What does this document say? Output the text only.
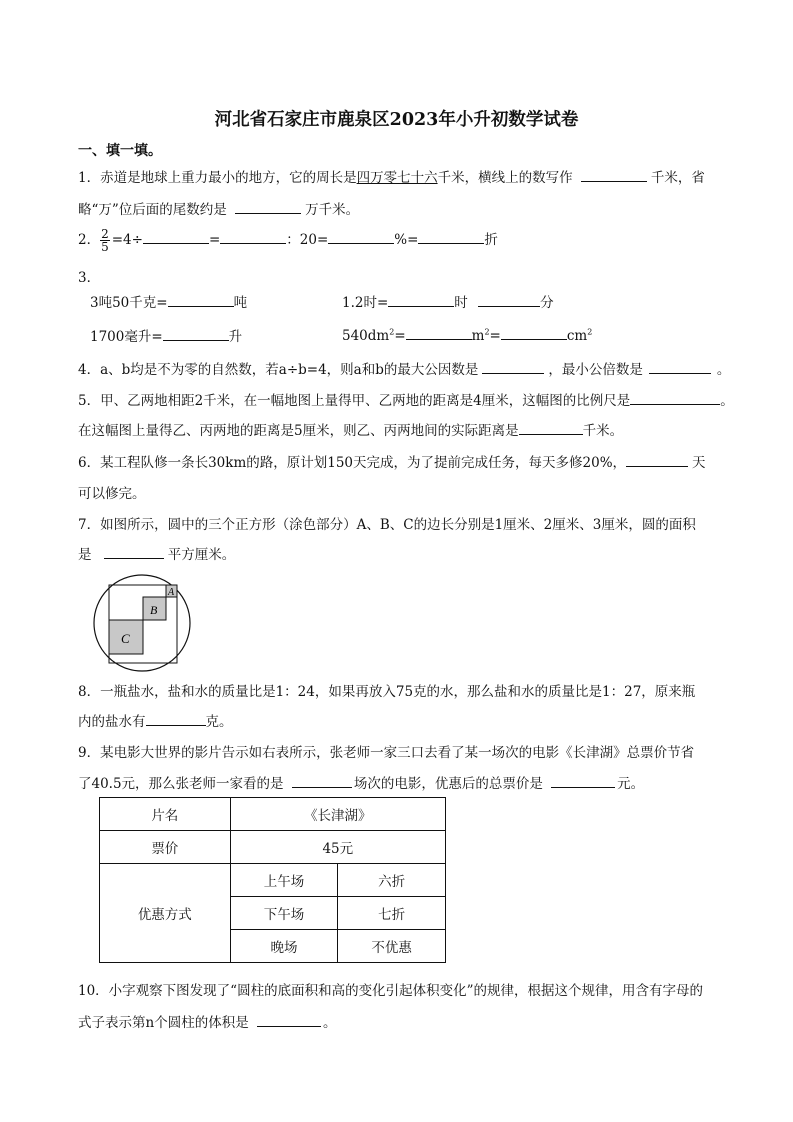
河北省石家庄市鹿泉区2023年小升初数学试卷
一、填一填。
1．赤道是地球上重力最小的地方，它的周长是四万零七十六千米，横线上的数写作	千米，省
略“万”位后面的尾数约是	万千米。
2． $\frac{2}{5} =4\div$	=	：20=	%=	折
3．
3吨50千克=	吨	1.2时=	时	分
1700毫升=	升	$540dm^2=$	$m^2=$	$cm^2$
4．a、b均是不为零的自然数，若a÷b=4，则a和b的最大公因数是	，最小公倍数是	。
5．甲、乙两地相距2千米，在一幅地图上量得甲、乙两地的距离是4厘米，这幅图的比例尺是	。
在这幅图上量得乙、丙两地的距离是5厘米，则乙、丙两地间的实际距离是	千米。
6．某工程队修一条长30km的路，原计划150天完成，为了提前完成任务，每天多修20%，	天
可以修完。
7．如图所示，圆中的三个正方形（涂色部分）A、B、C的边长分别是1厘米、2厘米、3厘米，圆的面积
是	平方厘米。
A
B
C
8．一瓶盐水，盐和水的质量比是1：24，如果再放入75克的水，那么盐和水的质量比是1：27，原来瓶
内的盐水有	克。
9．某电影大世界的影片告示如右表所示，张老师一家三口去看了某一场次的电影《长津湖》总票价节省
了40.5元，那么张老师一家看的是	场次的电影，优惠后的总票价是	元。
片名	《长津湖》	
票价	45元	
优惠方式	上午场	六折
	下午场	七折
	晚场	不优惠
10．小字观察下图发现了“圆柱的底面积和高的变化引起体积变化”的规律，根据这个规律，用含有字母的
式子表示第n个圆柱的体积是	。
